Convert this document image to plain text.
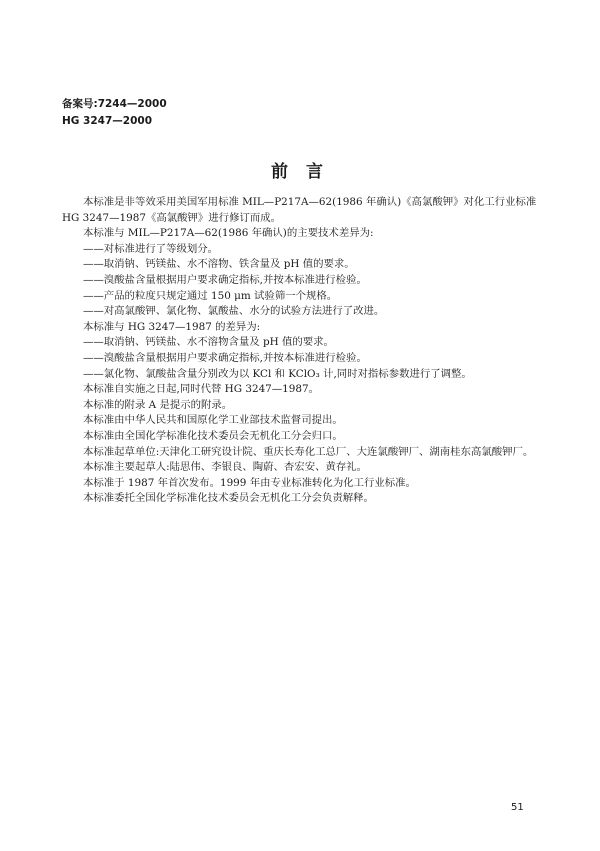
备案号:7244—2000
HG 3247—2000
前 言
本标准是非等效采用美国军用标准 MIL—P217A—62(1986 年确认)《高氯酸钾》对化工行业标准
HG 3247—1987《高氯酸钾》进行修订而成。
本标准与 MIL—P217A—62(1986 年确认)的主要技术差异为:
——对标准进行了等级划分。
——取消钠、钙镁盐、水不溶物、铁含量及 pH 值的要求。
——溴酸盐含量根据用户要求确定指标,并按本标准进行检验。
——产品的粒度只规定通过 150 μm 试验筛一个规格。
——对高氯酸钾、氯化物、氯酸盐、水分的试验方法进行了改进。
本标准与 HG 3247—1987 的差异为:
——取消钠、钙镁盐、水不溶物含量及 pH 值的要求。
——溴酸盐含量根据用户要求确定指标,并按本标准进行检验。
——氯化物、氯酸盐含量分别改为以 KCl 和 KClO₃ 计,同时对指标参数进行了调整。
本标准自实施之日起,同时代替 HG 3247—1987。
本标准的附录 A 是提示的附录。
本标准由中华人民共和国原化学工业部技术监督司提出。
本标准由全国化学标准化技术委员会无机化工分会归口。
本标准起草单位:天津化工研究设计院、重庆长寿化工总厂、大连氯酸钾厂、湖南桂东高氯酸钾厂。
本标准主要起草人:陆思伟、李银良、陶蔚、杏宏安、黄存礼。
本标准于 1987 年首次发布。1999 年由专业标准转化为化工行业标准。
本标准委托全国化学标准化技术委员会无机化工分会负责解释。
51
